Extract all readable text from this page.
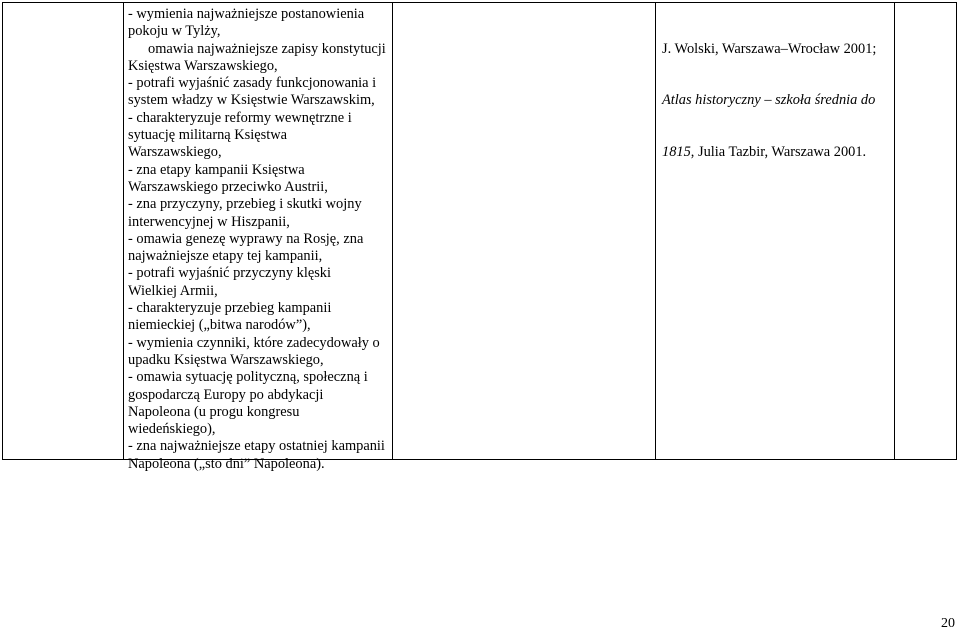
- wymienia najważniejsze postanowienia
pokoju w Tylży,
omawia najważniejsze zapisy konstytucji
Księstwa Warszawskiego,
- potrafi wyjaśnić zasady funkcjonowania i
system władzy w Księstwie Warszawskim,
- charakteryzuje reformy wewnętrzne i
sytuację militarną Księstwa
Warszawskiego,
- zna etapy kampanii Księstwa
Warszawskiego przeciwko Austrii,
- zna przyczyny, przebieg i skutki wojny
interwencyjnej w Hiszpanii,
- omawia genezę wyprawy na Rosję, zna
najważniejsze etapy tej kampanii,
- potrafi wyjaśnić przyczyny klęski
Wielkiej Armii,
- charakteryzuje przebieg kampanii
niemieckiej („bitwa narodów”),
- wymienia czynniki, które zadecydowały o
upadku Księstwa Warszawskiego,
- omawia sytuację polityczną, społeczną i
gospodarczą Europy po abdykacji
Napoleona (u progu kongresu
wiedeńskiego),
- zna najważniejsze etapy ostatniej kampanii
Napoleona („sto dni” Napoleona).

J. Wolski, Warszawa–Wrocław 2001;

Atlas historyczny – szkoła średnia do

1815, Julia Tazbir, Warszawa 2001.

20
